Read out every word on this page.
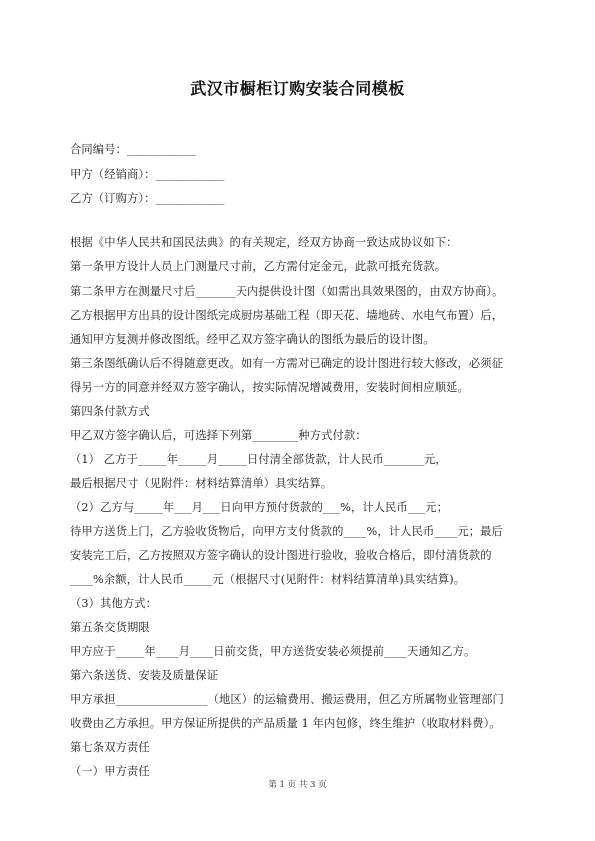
武汉市橱柜订购安装合同模板
合同编号：____________
甲方（经销商）：____________
乙方（订购方）：____________
根据《中华人民共和国民法典》的有关规定，经双方协商一致达成协议如下：
第一条甲方设计人员上门测量尺寸前，乙方需付定金元，此款可抵充货款。
第二条甲方在测量尺寸后_______天内提供设计图（如需出具效果图的，由双方协商）。
乙方根据甲方出具的设计图纸完成厨房基础工程（即天花、墙地砖、水电气布置）后，
通知甲方复测并修改图纸。经甲乙双方签字确认的图纸为最后的设计图。
第三条图纸确认后不得随意更改。如有一方需对已确定的设计图进行较大修改，必须征
得另一方的同意并经双方签字确认，按实际情况增减费用，安装时间相应顺延。
第四条付款方式
甲乙双方签字确认后，可选择下列第________种方式付款：
（1） 乙方于_____年_____月_____日付清全部货款，计人民币_______元，
最后根据尺寸（见附件：材料结算清单）具实结算。
（2）乙方与_____年___月___日向甲方预付货款的___%，计人民币___元；
待甲方送货上门，乙方验收货物后，向甲方支付货款的____%，计人民币____元；最后
安装完工后，乙方按照双方签字确认的设计图进行验收，验收合格后，即付清货款的
____%余额，计人民币_____元（根据尺寸(见附件：材料结算清单)具实结算)。
（3）其他方式：
第五条交货期限
甲方应于_____年____月____日前交货，甲方送货安装必须提前____天通知乙方。
第六条送货、安装及质量保证
甲方承担________________（地区）的运输费用、搬运费用，但乙方所属物业管理部门
收费由乙方承担。甲方保证所提供的产品质量 1 年内包修，终生维护（收取材料费）。
第七条双方责任
（一）甲方责任
第 1 页 共 3 页
